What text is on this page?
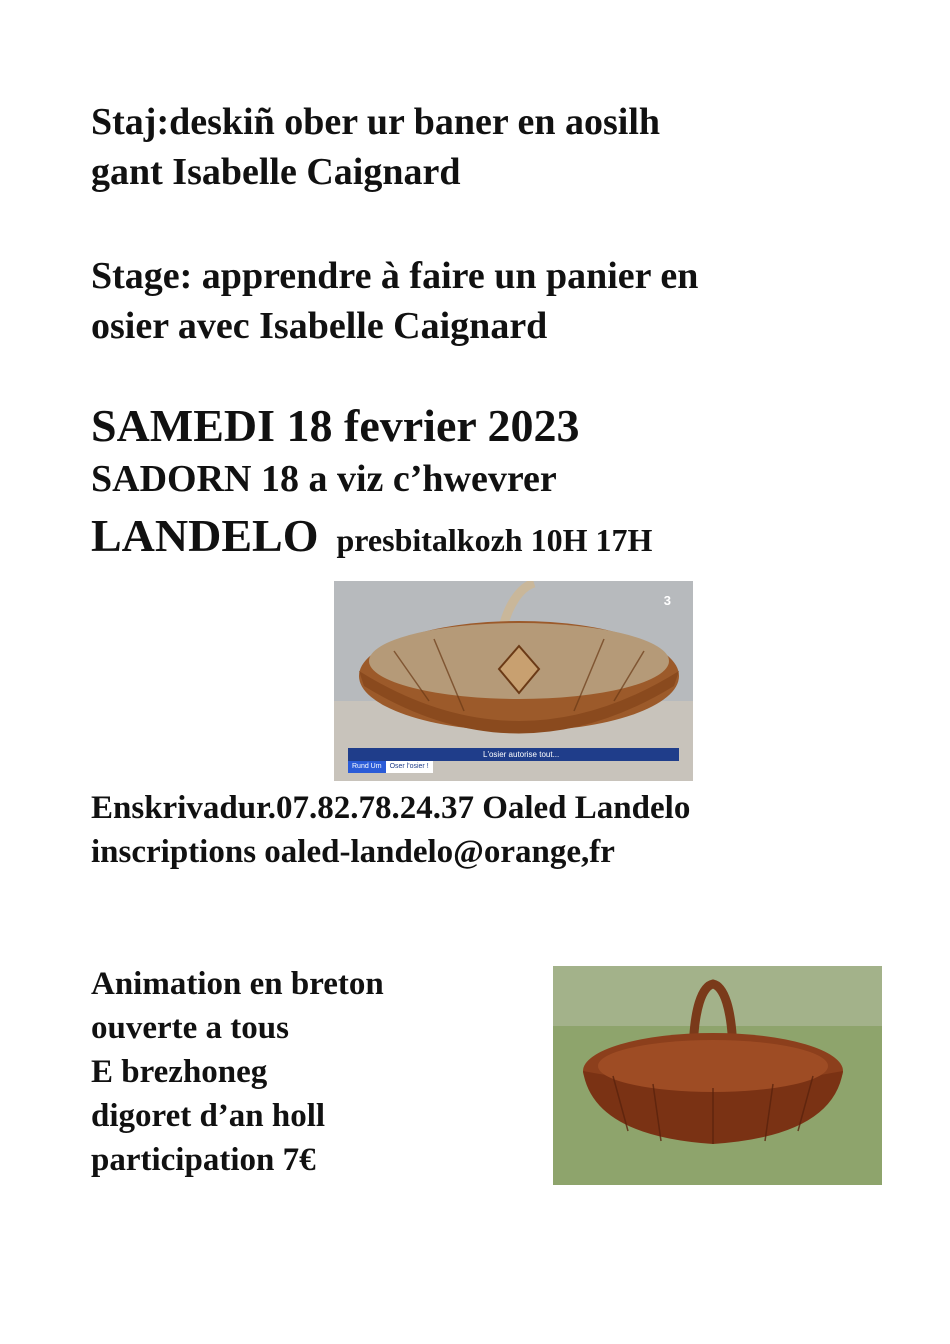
Staj:deskiñ ober ur baner en aosilh
gant Isabelle Caignard
Stage: apprendre à faire un panier en
osier avec Isabelle Caignard
SAMEDI 18 fevrier 2023
SADORN 18 a viz c’hwevrer
LANDELO presbitalkozh 10H 17H
3
L'osier autorise tout...
Rund Um	Oser l'osier !
Enskrivadur.07.82.78.24.37 Oaled Landelo
inscriptions oaled-landelo@orange,fr
Animation en breton
ouverte a tous
E brezhoneg
digoret d’an holl
participation 7€
